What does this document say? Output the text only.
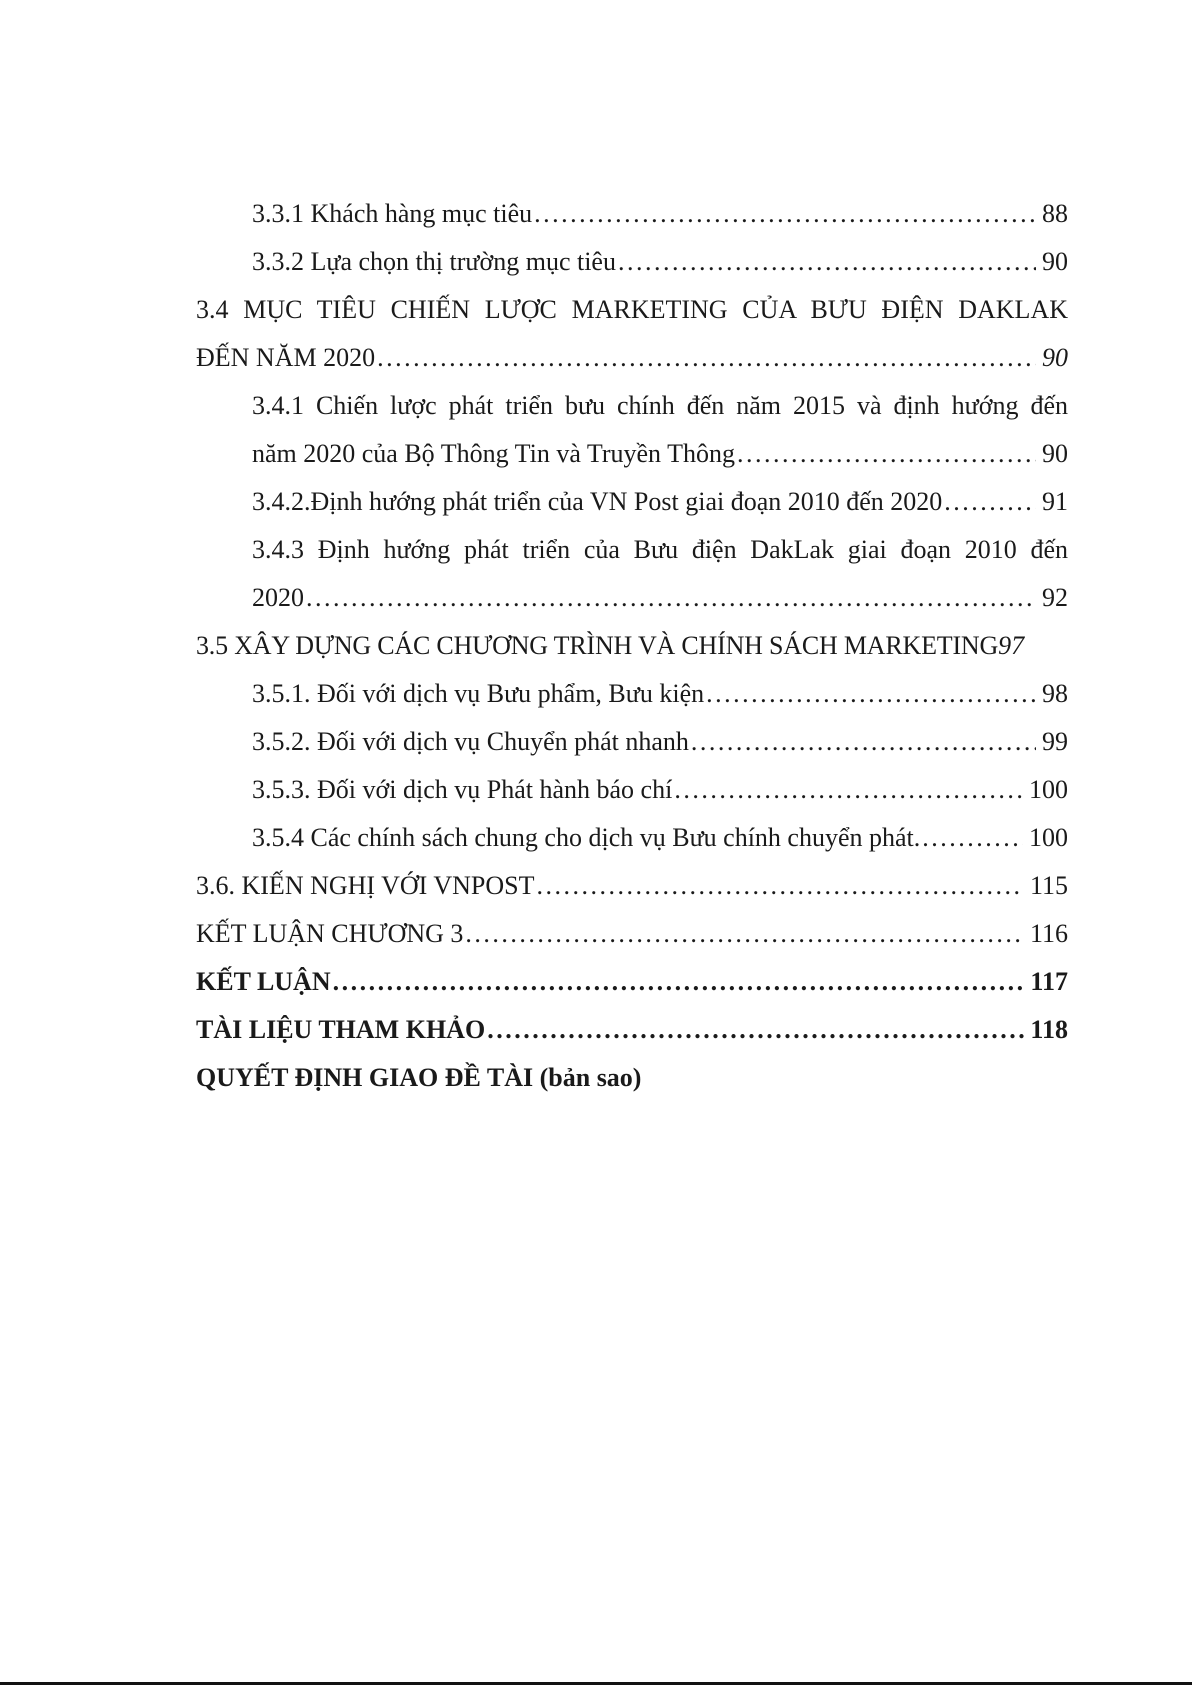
3.3.1 Khách hàng mục tiêu . . .	88
3.3.2 Lựa chọn thị trường mục tiêu . . .	90
3.4 MỤC TIÊU CHIẾN LƯỢC MARKETING CỦA BƯU ĐIỆN DAKLAK
ĐẾN NĂM 2020 . . .	90
3.4.1 Chiến lược phát triển bưu chính đến năm 2015 và định hướng đến
năm 2020 của Bộ Thông Tin và Truyền Thông . . .	90
3.4.2.Định hướng phát triển của VN Post giai đoạn 2010 đến 2020 . . .	91
3.4.3 Định hướng phát triển của Bưu điện DakLak giai đoạn 2010 đến
2020 . . .	92
3.5 XÂY DỰNG CÁC CHƯƠNG TRÌNH VÀ CHÍNH SÁCH MARKETING 97
3.5.1. Đối với dịch vụ Bưu phẩm, Bưu kiện . . .	98
3.5.2. Đối với dịch vụ Chuyển phát nhanh . . .	99
3.5.3. Đối với dịch vụ Phát hành báo chí . . .	100
3.5.4 Các chính sách chung cho dịch vụ Bưu chính chuyển phát. . . .	100
3.6. KIẾN NGHỊ VỚI VNPOST . . .	115
KẾT LUẬN CHƯƠNG 3 . . .	116
KẾT LUẬN . . .	117
TÀI LIỆU THAM KHẢO . . .	118
QUYẾT ĐỊNH GIAO ĐỀ TÀI (bản sao)
